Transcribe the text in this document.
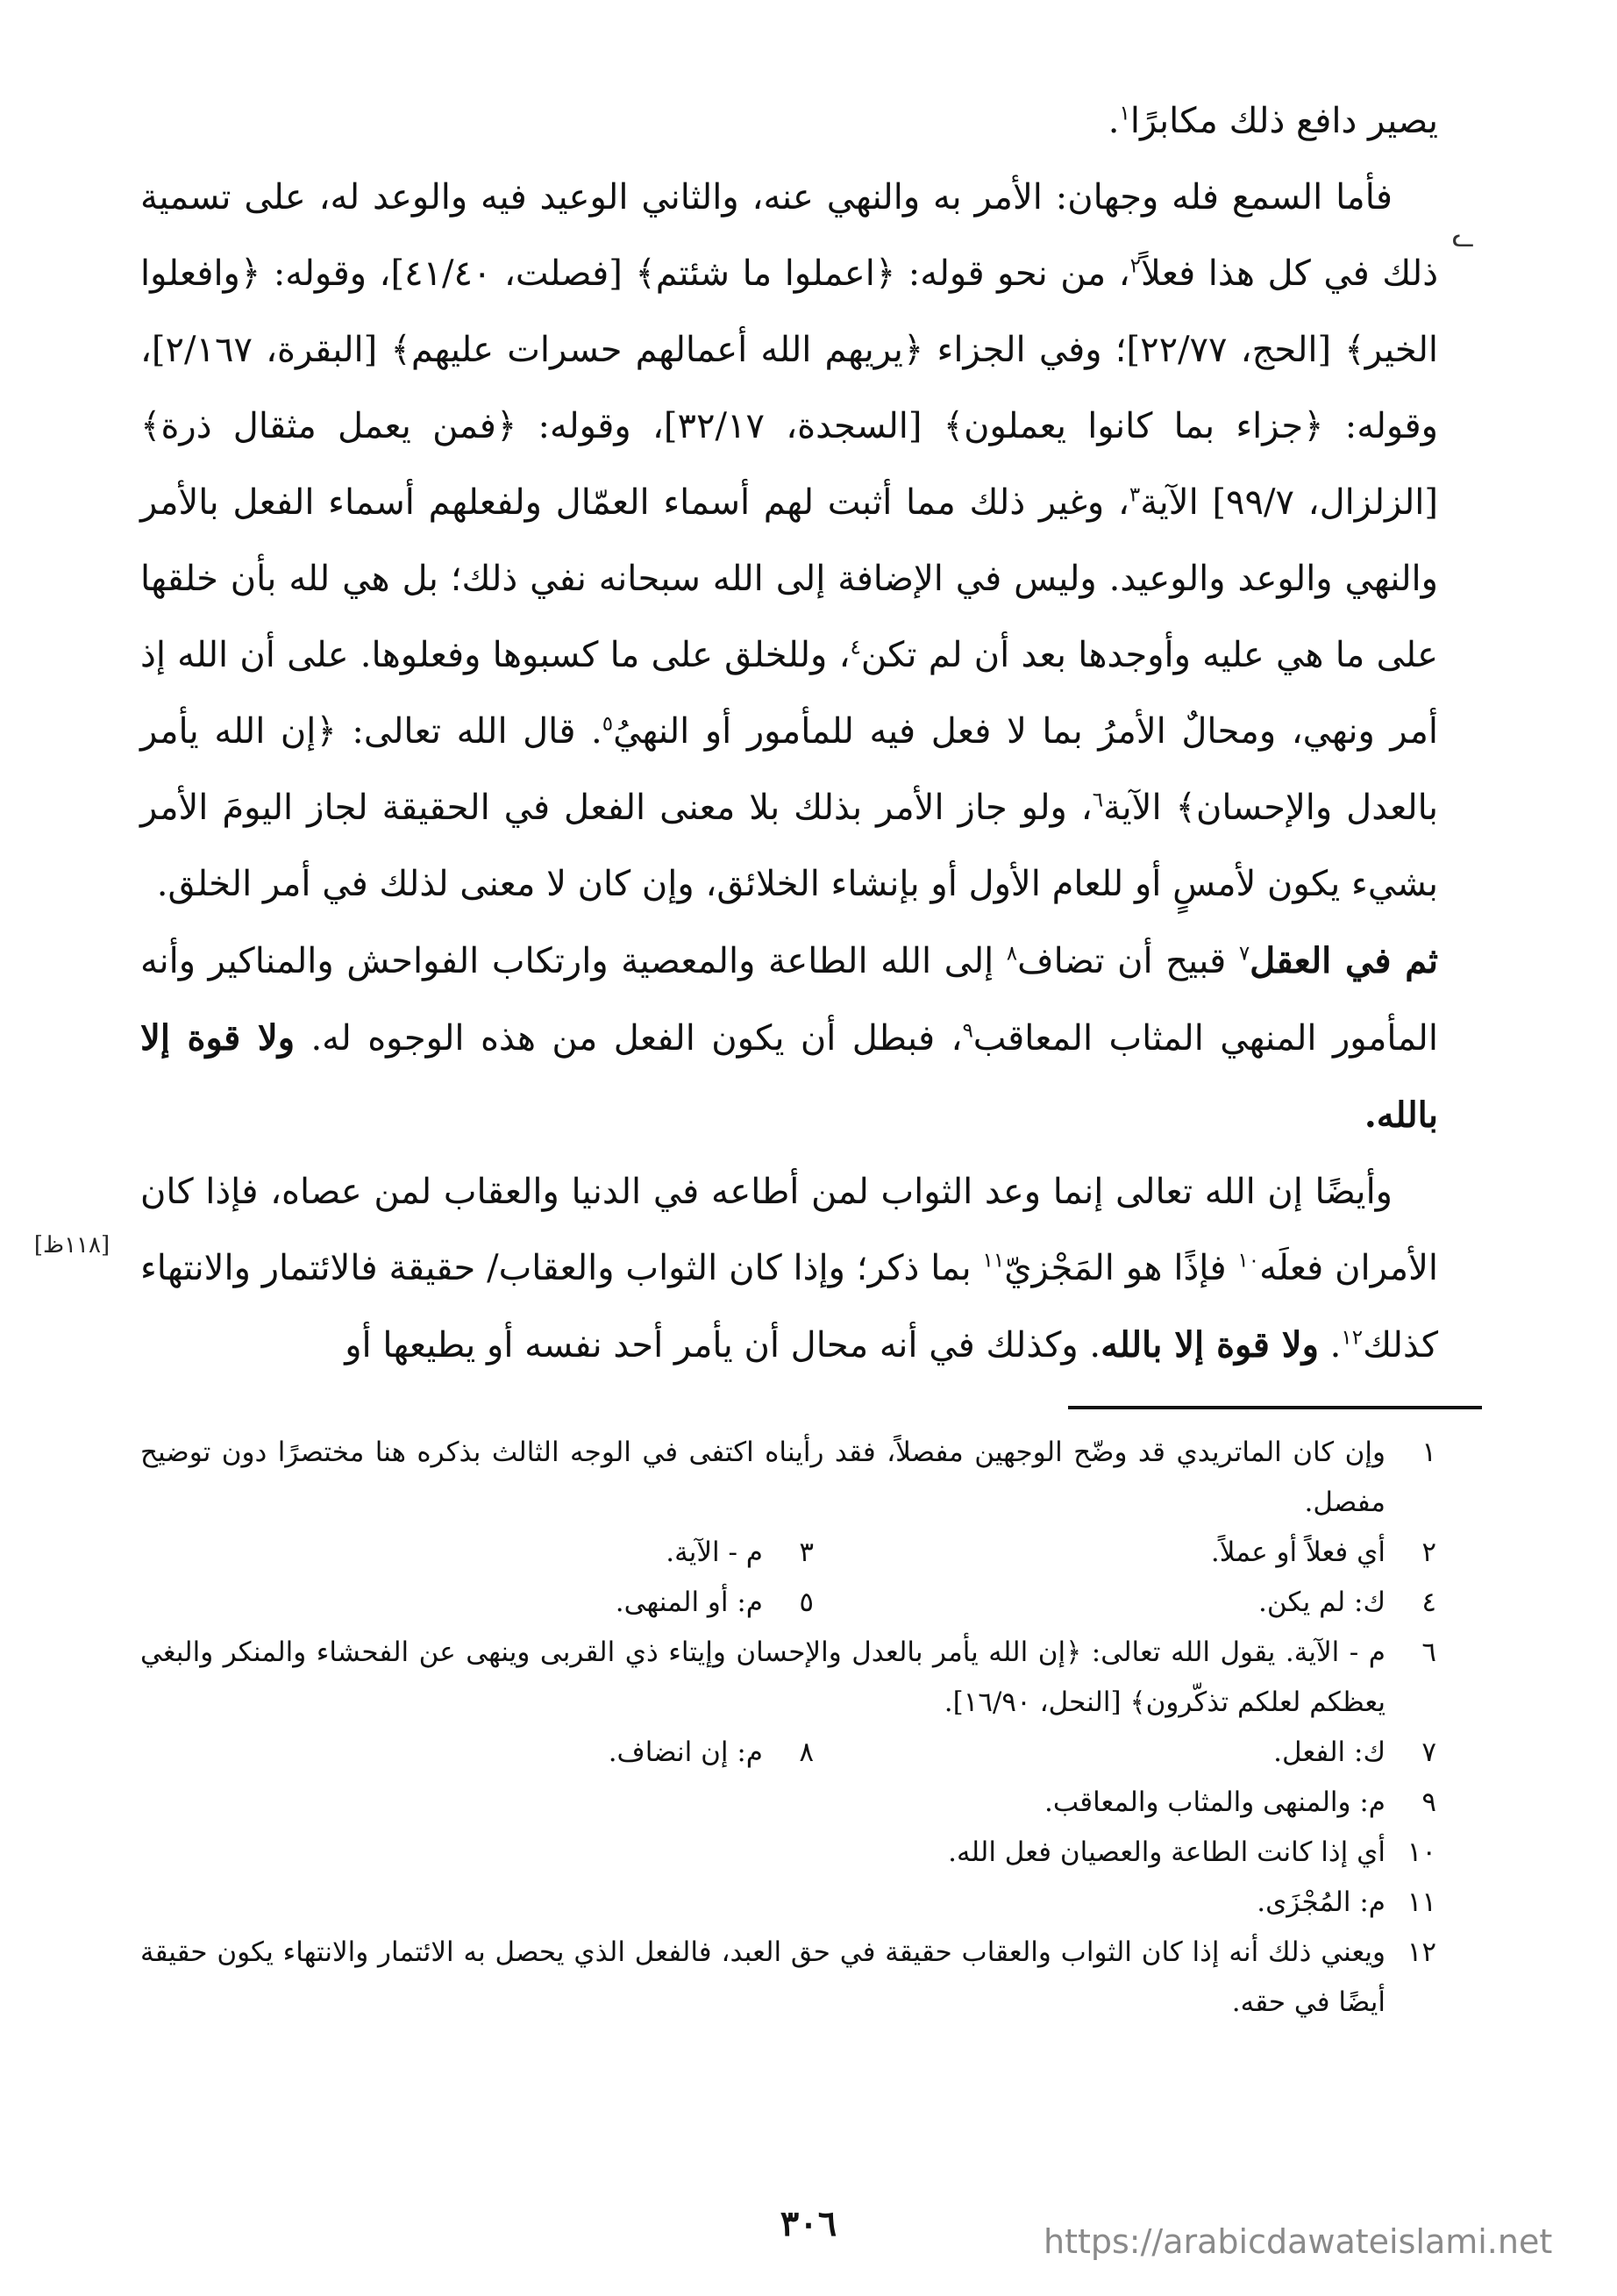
يصير دافع ذلك مكابرًا$^١$.

فأما السمع فله وجهان: الأمر به والنهي عنه، والثاني الوعيد فيه والوعد له، على تسمية ذلك في كل هذا فعلاً$^٢$، من نحو قوله: ﴿اعملوا ما شئتم﴾ [فصلت، ٤١/٤٠]، وقوله: ﴿وافعلوا الخير﴾ [الحج، ٢٢/٧٧]؛ وفي الجزاء ﴿يريهم الله أعمالهم حسرات عليهم﴾ [البقرة، ٢/١٦٧]، وقوله: ﴿جزاء بما كانوا يعملون﴾ [السجدة، ٣٢/١٧]، وقوله: ﴿فمن يعمل مثقال ذرة﴾ [الزلزال، ٩٩/٧] الآية$^٣$، وغير ذلك مما أثبت لهم أسماء العمّال ولفعلهم أسماء الفعل بالأمر والنهي والوعد والوعيد. وليس في الإضافة إلى الله سبحانه نفي ذلك؛ بل هي لله بأن خلقها على ما هي عليه وأوجدها بعد أن لم تكن$^٤$، وللخلق على ما كسبوها وفعلوها. على أن الله إذ أمر ونهي، ومحالٌ الأمرُ بما لا فعل فيه للمأمور أو النهيُ$^٥$. قال الله تعالى: ﴿إن الله يأمر بالعدل والإحسان﴾ الآية$^٦$، ولو جاز الأمر بذلك بلا معنى الفعل في الحقيقة لجاز اليومَ الأمر بشيء يكون لأمسٍ أو للعام الأول أو بإنشاء الخلائق، وإن كان لا معنى لذلك في أمر الخلق.

ثم في العقل$^٧$ قبيح أن تضاف$^٨$ إلى الله الطاعة والمعصية وارتكاب الفواحش والمناكير وأنه المأمور المنهي المثاب المعاقب$^٩$، فبطل أن يكون الفعل من هذه الوجوه له. ولا قوة إلا بالله.

وأيضًا إن الله تعالى إنما وعد الثواب لمن أطاعه في الدنيا والعقاب لمن عصاه، فإذا كان الأمران فعلَه$^{١٠}$ فإذًا هو المَجْزيّ$^{١١}$ بما ذكر؛ وإذا كان الثواب والعقاب/ حقيقة فالائتمار والانتهاء كذلك$^{١٢}$. ولا قوة إلا بالله. وكذلك في أنه محال أن يأمر أحد نفسه أو يطيعها أو

ᓚ
[١١٨ظ]

١
وإن كان الماتريدي قد وضّح الوجهين مفصلاً، فقد رأيناه اكتفى في الوجه الثالث بذكره هنا مختصرًا دون توضيح مفصل.

٢
أي فعلاً أو عملاً.
٣
م - الآية.
٤
ك: لم يكن.
٥
م: أو المنهى.

٦
م - الآية. يقول الله تعالى: ﴿إن الله يأمر بالعدل والإحسان وإيتاء ذي القربى وينهى عن الفحشاء والمنكر والبغي يعظكم لعلكم تذكّرون﴾ [النحل، ١٦/٩٠].

٧
ك: الفعل.
٨
م: إن انضاف.

٩
م: والمنهى والمثاب والمعاقب.

١٠
أي إذا كانت الطاعة والعصيان فعل الله.

١١
م: المُجْزَى.

١٢
ويعني ذلك أنه إذا كان الثواب والعقاب حقيقة في حق العبد، فالفعل الذي يحصل به الائتمار والانتهاء يكون حقيقة أيضًا في حقه.

٣٠٦	https://arabicdawateislami.net
